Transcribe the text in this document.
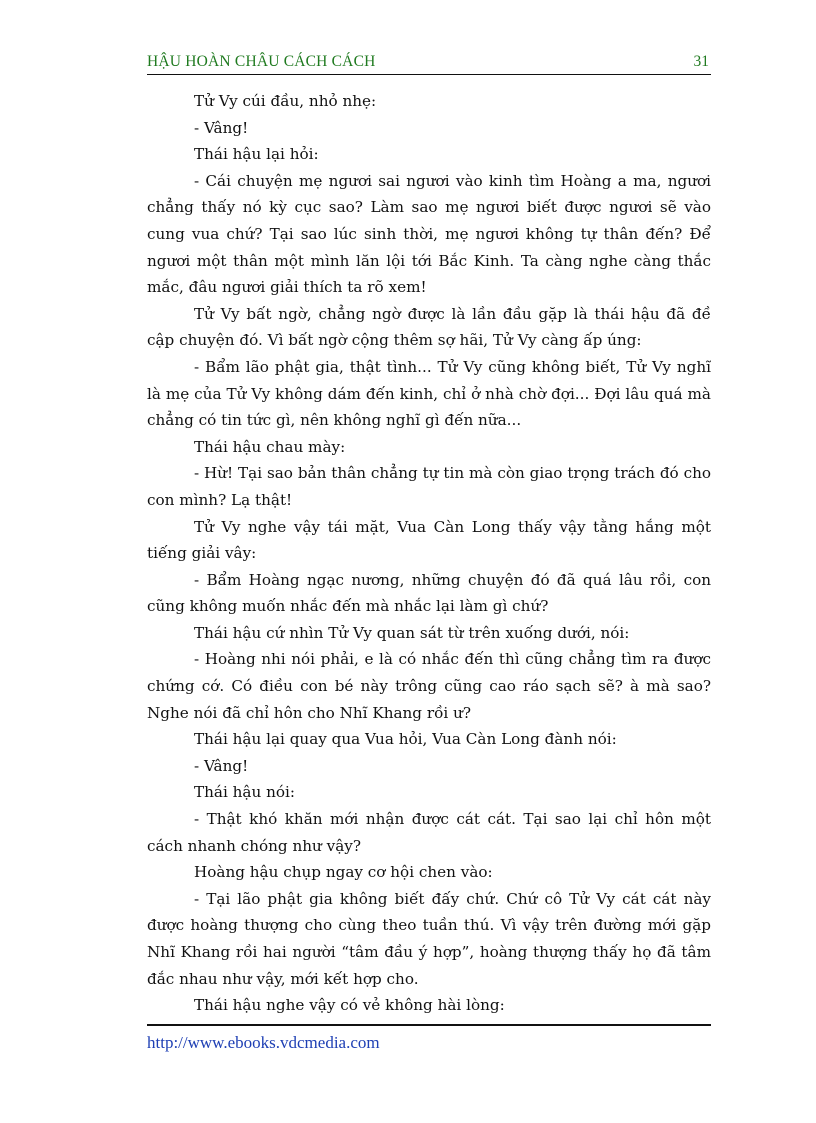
HẬU HOÀN CHÂU CÁCH CÁCH	31

Tử Vy cúi đầu, nhỏ nhẹ:

- Vâng!

Thái hậu lại hỏi:

- Cái chuyện mẹ ngươi sai ngươi vào kinh tìm Hoàng a ma, ngươi chẳng thấy nó kỳ cục sao? Làm sao mẹ ngươi biết được ngươi sẽ vào cung vua chứ? Tại sao lúc sinh thời, mẹ ngươi không tự thân đến? Để ngươi một thân một mình lăn lội tới Bắc Kinh. Ta càng nghe càng thắc mắc, đâu ngươi giải thích ta rõ xem!

Tử Vy bất ngờ, chẳng ngờ được là lần đầu gặp là thái hậu đã đề cập chuyện đó. Vì bất ngờ cộng thêm sợ hãi, Tử Vy càng ấp úng:

- Bẩm lão phật gia, thật tình... Tử Vy cũng không biết, Tử Vy nghĩ là mẹ của Tử Vy không dám đến kinh, chỉ ở nhà chờ đợi... Đợi lâu quá mà chẳng có tin tức gì, nên không nghĩ gì đến nữa...

Thái hậu chau mày:

- Hừ! Tại sao bản thân chẳng tự tin mà còn giao trọng trách đó cho con mình? Lạ thật!

Tử Vy nghe vậy tái mặt, Vua Càn Long thấy vậy tằng hắng một tiếng giải vây:

- Bẩm Hoàng ngạc nương, những chuyện đó đã quá lâu rồi, con cũng không muốn nhắc đến mà nhắc lại làm gì chứ?

Thái hậu cứ nhìn Tử Vy quan sát từ trên xuống dưới, nói:

- Hoàng nhi nói phải, e là có nhắc đến thì cũng chẳng tìm ra được chứng cớ. Có điều con bé này trông cũng cao ráo sạch sẽ? à mà sao? Nghe nói đã chỉ hôn cho Nhĩ Khang rồi ư?

Thái hậu lại quay qua Vua hỏi, Vua Càn Long đành nói:

- Vâng!

Thái hậu nói:

- Thật khó khăn mới nhận được cát cát. Tại sao lại chỉ hôn một cách nhanh chóng như vậy?

Hoàng hậu chụp ngay cơ hội chen vào:

- Tại lão phật gia không biết đấy chứ. Chứ cô Tử Vy cát cát này được hoàng thượng cho cùng theo tuần thú. Vì vậy trên đường mới gặp Nhĩ Khang rồi hai người “tâm đầu ý hợp”, hoàng thượng thấy họ đã tâm đắc nhau như vậy, mới kết hợp cho.

Thái hậu nghe vậy có vẻ không hài lòng:

http://www.ebooks.vdcmedia.com
